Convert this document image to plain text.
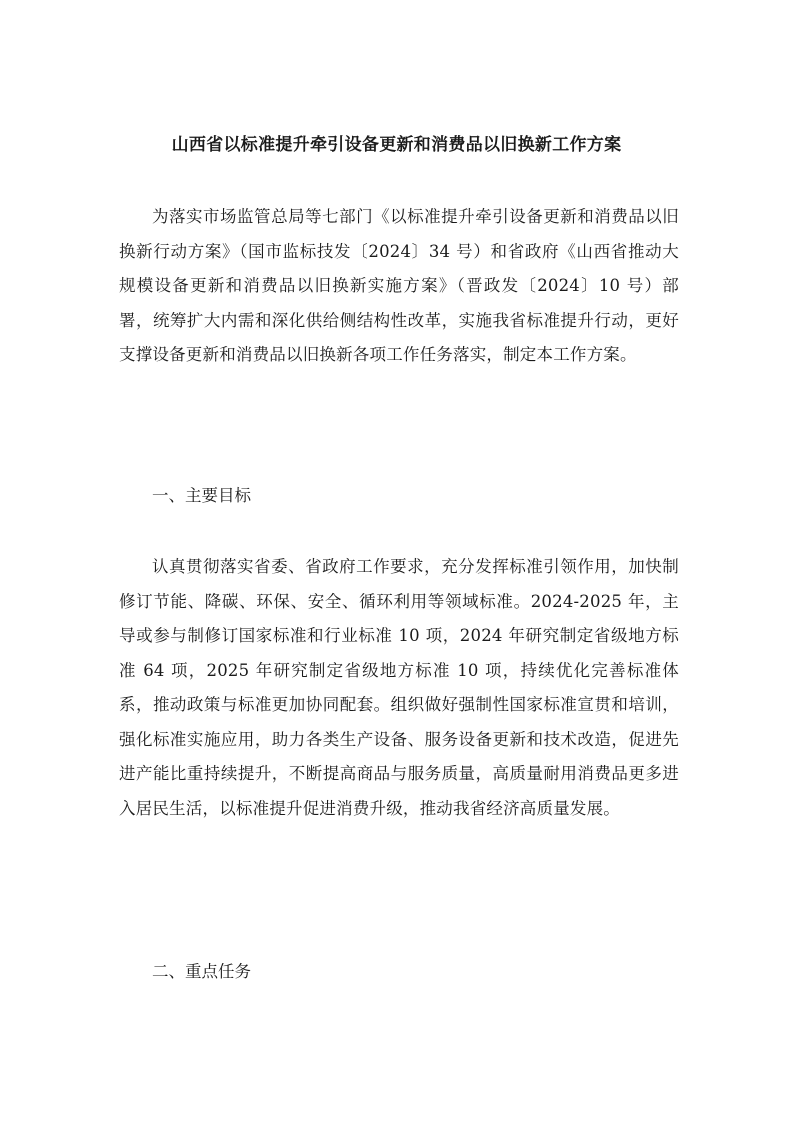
山西省以标准提升牵引设备更新和消费品以旧换新工作方案

为落实市场监管总局等七部门《以标准提升牵引设备更新和消费品以旧换新行动方案》（国市监标技发〔2024〕34 号）和省政府《山西省推动大规模设备更新和消费品以旧换新实施方案》（晋政发〔2024〕10 号）部署，统筹扩大内需和深化供给侧结构性改革，实施我省标准提升行动，更好支撑设备更新和消费品以旧换新各项工作任务落实，制定本工作方案。

一、主要目标

认真贯彻落实省委、省政府工作要求，充分发挥标准引领作用，加快制修订节能、降碳、环保、安全、循环利用等领域标准。2024-2025 年，主导或参与制修订国家标准和行业标准 10 项，2024 年研究制定省级地方标准 64 项，2025 年研究制定省级地方标准 10 项，持续优化完善标准体系，推动政策与标准更加协同配套。组织做好强制性国家标准宣贯和培训，强化标准实施应用，助力各类生产设备、服务设备更新和技术改造，促进先进产能比重持续提升，不断提高商品与服务质量，高质量耐用消费品更多进入居民生活，以标准提升促进消费升级，推动我省经济高质量发展。

二、重点任务
